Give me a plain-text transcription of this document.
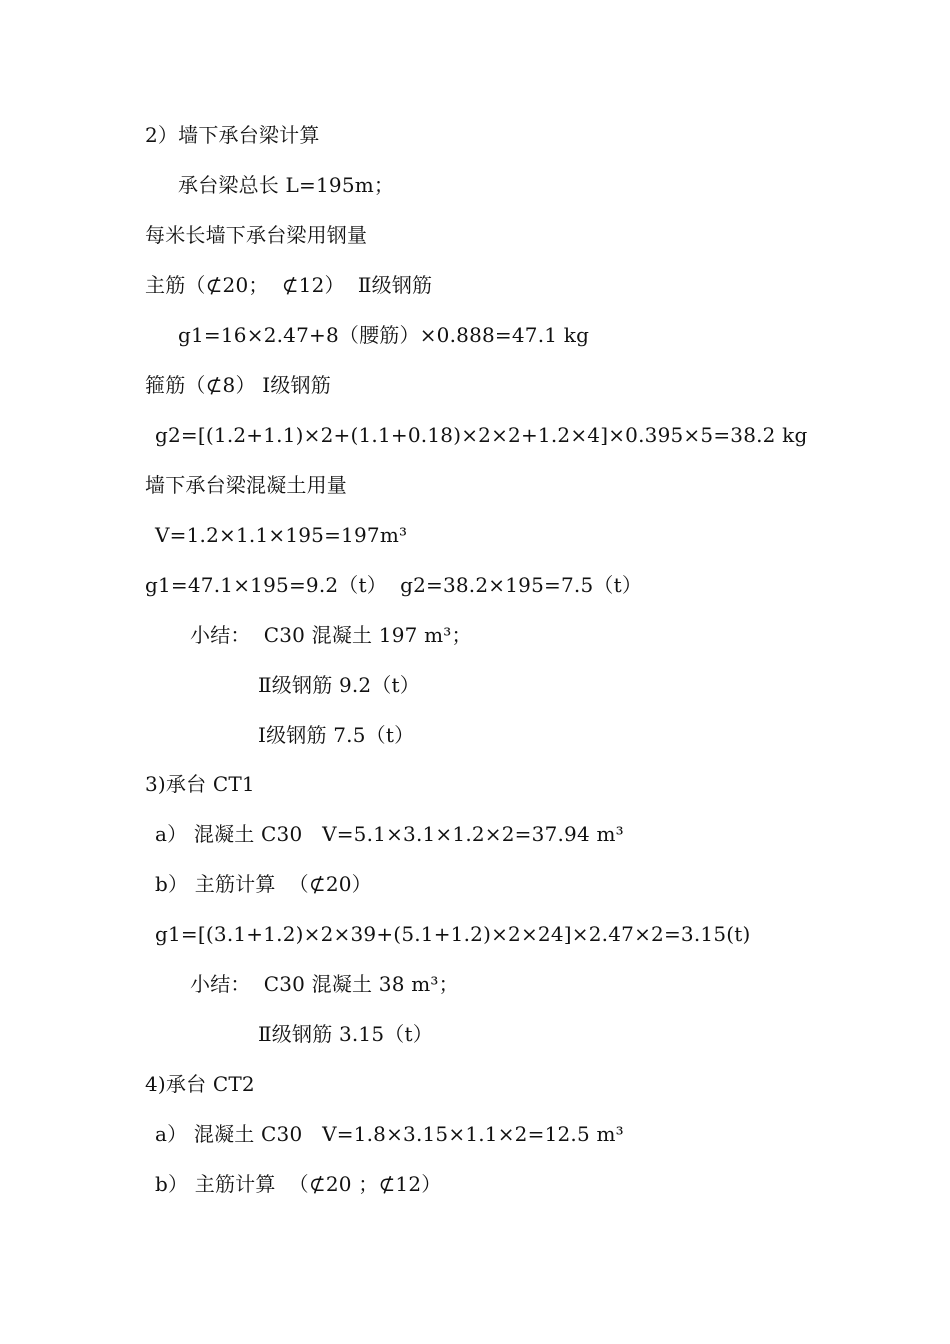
2）墙下承台梁计算
承台梁总长 L=195m；
每米长墙下承台梁用钢量
主筋（⊄20；  ⊄12）  Ⅱ级钢筋
g1=16×2.47+8（腰筋）×0.888=47.1 kg
箍筋（⊄8） Ⅰ级钢筋
g2=[(1.2+1.1)×2+(1.1+0.18)×2×2+1.2×4]×0.395×5=38.2 kg
墙下承台梁混凝土用量
V=1.2×1.1×195=197m³
g1=47.1×195=9.2（t）  g2=38.2×195=7.5（t）
小结：  C30 混凝土 197 m³；
Ⅱ级钢筋 9.2（t）
Ⅰ级钢筋 7.5（t）
3)承台 CT1
a） 混凝土 C30   V=5.1×3.1×1.2×2=37.94 m³
b） 主筋计算  （⊄20）
g1=[(3.1+1.2)×2×39+(5.1+1.2)×2×24]×2.47×2=3.15(t)
小结：  C30 混凝土 38 m³；
Ⅱ级钢筋 3.15（t）
4)承台 CT2
a） 混凝土 C30   V=1.8×3.15×1.1×2=12.5 m³
b） 主筋计算  （⊄20 ；⊄12）
